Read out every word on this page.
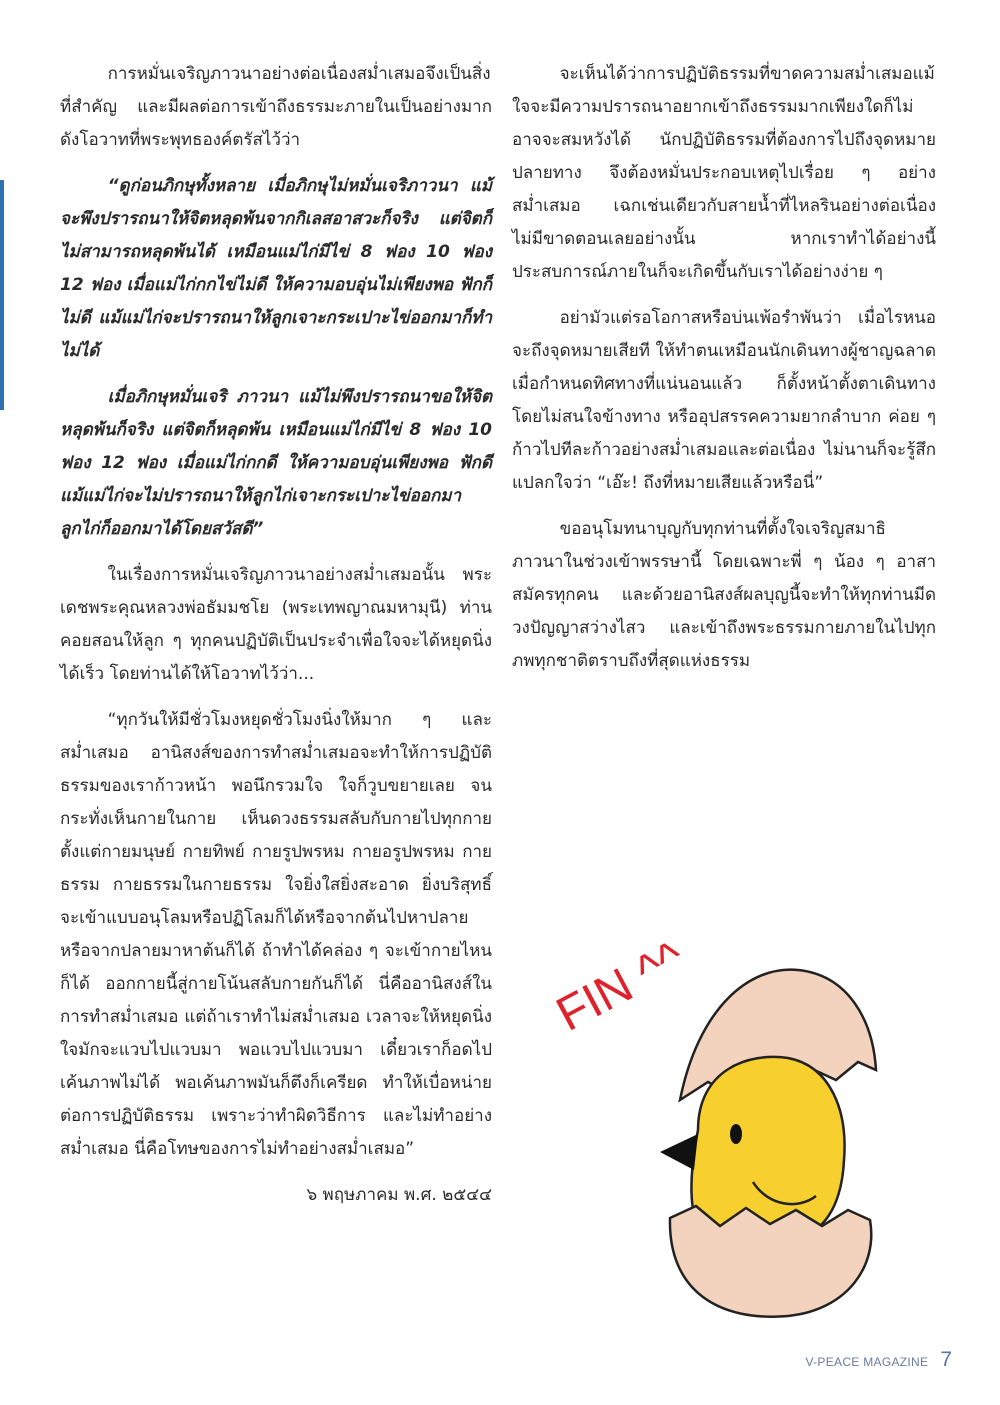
การหมั่นเจริญภาวนาอย่างต่อเนื่องสม่ำเสมอจึงเป็นสิ่งที่สำคัญ และมีผลต่อการเข้าถึงธรรมะภายในเป็นอย่างมาก ดังโอวาทที่พระพุทธองค์ตรัสไว้ว่า

“ดูก่อนภิกษุทั้งหลาย เมื่อภิกษุไม่หมั่นเจริภาวนา แม้จะพึงปรารถนาให้จิตหลุดพ้นจากกิเลสอาสวะก็จริง แต่จิตก็ไม่สามารถหลุดพ้นได้ เหมือนแม่ไก่มีไข่ 8 ฟอง 10 ฟอง 12 ฟอง เมื่อแม่ไก่กกไข่ไม่ดี ให้ความอบอุ่นไม่เพียงพอ ฟักก็ไม่ดี แม้แม่ไก่จะปรารถนาให้ลูกเจาะกระเปาะไข่ออกมาก็ทำไม่ได้

เมื่อภิกษุหมั่นเจริ ภาวนา แม้ไม่พึงปรารถนาขอให้จิตหลุดพ้นก็จริง แต่จิตก็หลุดพ้น เหมือนแม่ไก่มีไข่ 8 ฟอง 10 ฟอง 12 ฟอง เมื่อแม่ไก่กกดี ให้ความอบอุ่นเพียงพอ ฟักดี แม้แม่ไก่จะไม่ปรารถนาให้ลูกไก่เจาะกระเปาะไข่ออกมา ลูกไก่ก็ออกมาได้โดยสวัสดี”

ในเรื่องการหมั่นเจริญภาวนาอย่างสม่ำเสมอนั้น พระเดชพระคุณหลวงพ่อธัมมชโย (พระเทพญาณมหามุนี) ท่านคอยสอนให้ลูก ๆ ทุกคนปฏิบัติเป็นประจำเพื่อใจจะได้หยุดนิ่งได้เร็ว โดยท่านได้ให้โอวาทไว้ว่า...

“ทุกวันให้มีชั่วโมงหยุดชั่วโมงนิ่งให้มาก ๆ และสม่ำเสมอ อานิสงส์ของการทำสม่ำเสมอจะทำให้การปฏิบัติธรรมของเราก้าวหน้า พอนึกรวมใจ ใจก็วูบขยายเลย จนกระทั่งเห็นกายในกาย เห็นดวงธรรมสลับกับกายไปทุกกาย ตั้งแต่กายมนุษย์ กายทิพย์ กายรูปพรหม กายอรูปพรหม กายธรรม กายธรรมในกายธรรม ใจยิ่งใสยิ่งสะอาด ยิ่งบริสุทธิ์ จะเข้าแบบอนุโลมหรือปฏิโลมก็ได้หรือจากต้นไปหาปลาย หรือจากปลายมาหาต้นก็ได้ ถ้าทำได้คล่อง ๆ จะเข้ากายไหนก็ได้ ออกกายนี้สู่กายโน้นสลับกายกันก็ได้ นี่คืออานิสงส์ในการทำสม่ำเสมอ แต่ถ้าเราทำไม่สม่ำเสมอ เวลาจะให้หยุดนิ่ง ใจมักจะแวบไปแวบมา พอแวบไปแวบมา เดี๋ยวเราก็อดไปเค้นภาพไม่ได้ พอเค้นภาพมันก็ตึงก็เครียด ทำให้เบื่อหน่ายต่อการปฏิบัติธรรม เพราะว่าทำผิดวิธีการ และไม่ทำอย่างสม่ำเสมอ นี่คือโทษของการไม่ทำอย่างสม่ำเสมอ”

๖ พฤษภาคม พ.ศ. ๒๕๔๔

จะเห็นได้ว่าการปฏิบัติธรรมที่ขาดความสม่ำเสมอแม้ใจจะมีความปรารถนาอยากเข้าถึงธรรมมากเพียงใดก็ไม่อาจจะสมหวังได้ นักปฏิบัติธรรมที่ต้องการไปถึงจุดหมายปลายทาง จึงต้องหมั่นประกอบเหตุไปเรื่อย ๆ อย่างสม่ำเสมอ เฉกเช่นเดียวกับสายน้ำที่ไหลรินอย่างต่อเนื่องไม่มีขาดตอนเลยอย่างนั้น หากเราทำได้อย่างนี้ประสบการณ์ภายในก็จะเกิดขึ้นกับเราได้อย่างง่าย ๆ

อย่ามัวแต่รอโอกาสหรือบ่นเพ้อรำพันว่า เมื่อไรหนอจะถึงจุดหมายเสียที ให้ทำตนเหมือนนักเดินทางผู้ชาญฉลาด เมื่อกำหนดทิศทางที่แน่นอนแล้ว ก็ตั้งหน้าตั้งตาเดินทางโดยไม่สนใจข้างทาง หรืออุปสรรคความยากลำบาก ค่อย ๆ ก้าวไปทีละก้าวอย่างสม่ำเสมอและต่อเนื่อง ไม่นานก็จะรู้สึกแปลกใจว่า “เอ๊ะ! ถึงที่หมายเสียแล้วหรือนี่”

ขออนุโมทนาบุญกับทุกท่านที่ตั้งใจเจริญสมาธิภาวนาในช่วงเข้าพรรษานี้ โดยเฉพาะพี่ ๆ น้อง ๆ อาสาสมัครทุกคน และด้วยอานิสงส์ผลบุญนี้จะทำให้ทุกท่านมีดวงปัญญาสว่างไสว และเข้าถึงพระธรรมกายภายในไปทุกภพทุกชาติตราบถึงที่สุดแห่งธรรม

FIN ^^
V-PEACE MAGAZINE 7
